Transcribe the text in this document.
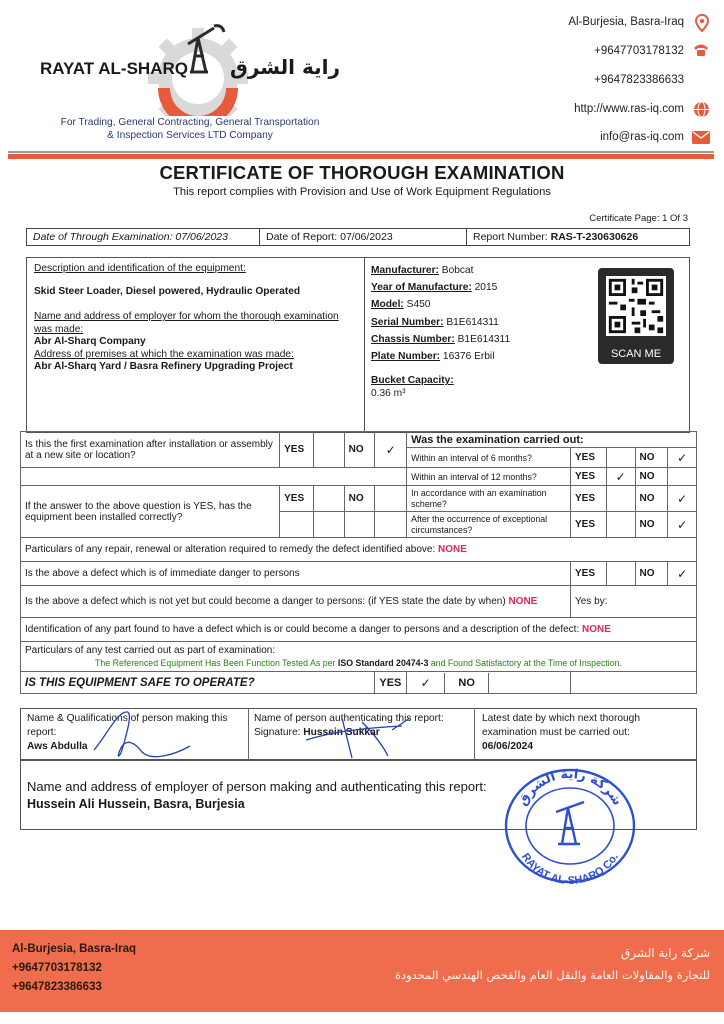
RAYAT AL-SHARQ راية الشرق
For Trading, General Contracting, General Transportation
& Inspection Services LTD Company
Al-Burjesia, Basra-Iraq
+9647703178132
+9647823386633
http://www.ras-iq.com
info@ras-iq.com
CERTIFICATE OF THOROUGH EXAMINATION
This report complies with Provision and Use of Work Equipment Regulations
Certificate Page: 1 Of 3
Date of Through Examination: 07/06/2023	Date of Report: 07/06/2023	Report Number: RAS-T-230630626
Description and identification of the equipment:
Skid Steer Loader, Diesel powered, Hydraulic Operated
Name and address of employer for whom the thorough examination was made:
Abr Al-Sharq Company
Address of premises at which the examination was made:
Abr Al-Sharq Yard / Basra Refinery Upgrading Project
Manufacturer: Bobcat
Year of Manufacture: 2015
Model: S450
Serial Number: B1E614311
Chassis Number: B1E614311
Plate Number: 16376 Erbil
Bucket Capacity:
0.36 m³
SCAN ME
Is this the first examination after installation or assembly at a new site or location?	YES		NO	✓	Was the examination carried out:				
					Within an interval of 6 months?	YES		NO	✓
					Within an interval of 12 months?	YES	✓	NO	
If the answer to the above question is YES, has the equipment been installed correctly?	YES		NO		In accordance with an examination scheme?	YES		NO	✓
					After the occurrence of exceptional circumstances?	YES		NO	✓
Particulars of any repair, renewal or alteration required to remedy the defect identified above: NONE									
Is the above a defect which is of immediate danger to persons						YES		NO	✓
Is the above a defect which is not yet but could become a danger to persons: (if YES state the date by when) NONE						Yes by:			
Identification of any part found to have a defect which is or could become a danger to persons and a description of the defect: NONE									

Particulars of any test carried out as part of examination:
The Referenced Equipment Has Been Function Tested As per ISO Standard 20474-3 and Found Satisfactory at the Time of Inspection.									

IS THIS EQUIPMENT SAFE TO OPERATE?				YES	✓ NO				

Name & Qualifications of person making this report:
Aws Abdulla
Name of person authenticating this report:
Signature: Hussein Sukkar
Latest date by which next thorough examination must be carried out:
06/06/2024
Name and address of employer of person making and authenticating this report:
Hussein Ali Hussein, Basra, Burjesia	شركة راية الشرق
RAYAT AL-SHARQ Co.
Al-Burjesia, Basra-Iraq
+9647703178132
+9647823386633
شركة راية الشرق
للتجارة والمقاولات العامة والنقل العام والفحص الهندسي المحدودة
